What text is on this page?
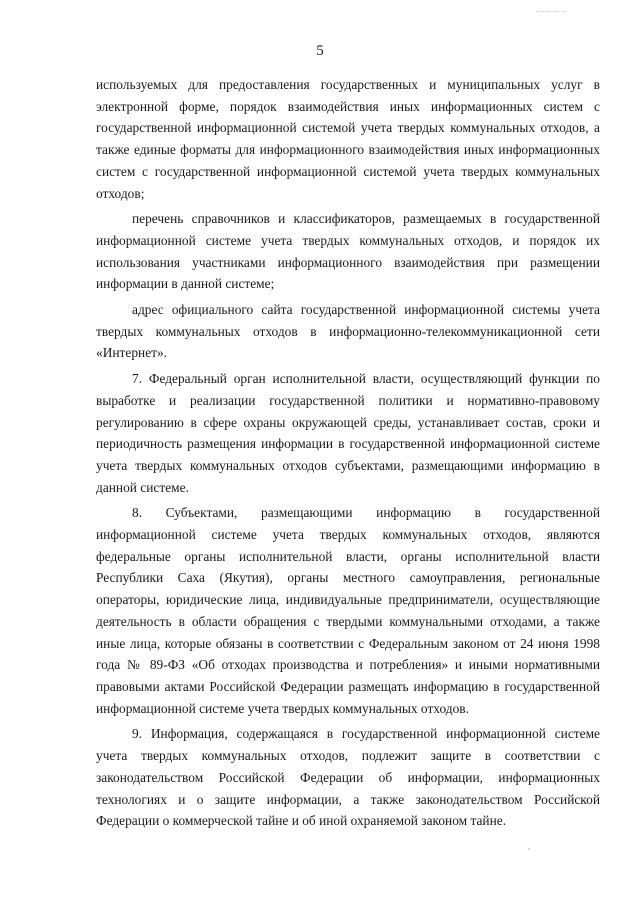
5

используемых для предоставления государственных и муниципальных услуг в электронной форме, порядок взаимодействия иных информационных систем с государственной информационной системой учета твердых коммунальных отходов, а также единые форматы для информационного взаимодействия иных информационных систем с государственной информационной системой учета твердых коммунальных отходов;

перечень справочников и классификаторов, размещаемых в государственной информационной системе учета твердых коммунальных отходов, и порядок их использования участниками информационного взаимодействия при размещении информации в данной системе;

адрес официального сайта государственной информационной системы учета твердых коммунальных отходов в информационно-телекоммуникационной сети «Интернет».

7. Федеральный орган исполнительной власти, осуществляющий функции по выработке и реализации государственной политики и нормативно-правовому регулированию в сфере охраны окружающей среды, устанавливает состав, сроки и периодичность размещения информации в государственной информационной системе учета твердых коммунальных отходов субъектами, размещающими информацию в данной системе.

8. Субъектами, размещающими информацию в государственной информационной системе учета твердых коммунальных отходов, являются федеральные органы исполнительной власти, органы исполнительной власти Республики Саха (Якутия), органы местного самоуправления, региональные операторы, юридические лица, индивидуальные предприниматели, осуществляющие деятельность в области обращения с твердыми коммунальными отходами, а также иные лица, которые обязаны в соответствии с Федеральным законом от 24 июня 1998 года № 89-ФЗ «Об отходах производства и потребления» и иными нормативными правовыми актами Российской Федерации размещать информацию в государственной информационной системе учета твердых коммунальных отходов.

9. Информация, содержащаяся в государственной информационной системе учета твердых коммунальных отходов, подлежит защите в соответствии с законодательством Российской Федерации об информации, информационных технологиях и о защите информации, а также законодательством Российской Федерации о коммерческой тайне и об иной охраняемой законом тайне.
